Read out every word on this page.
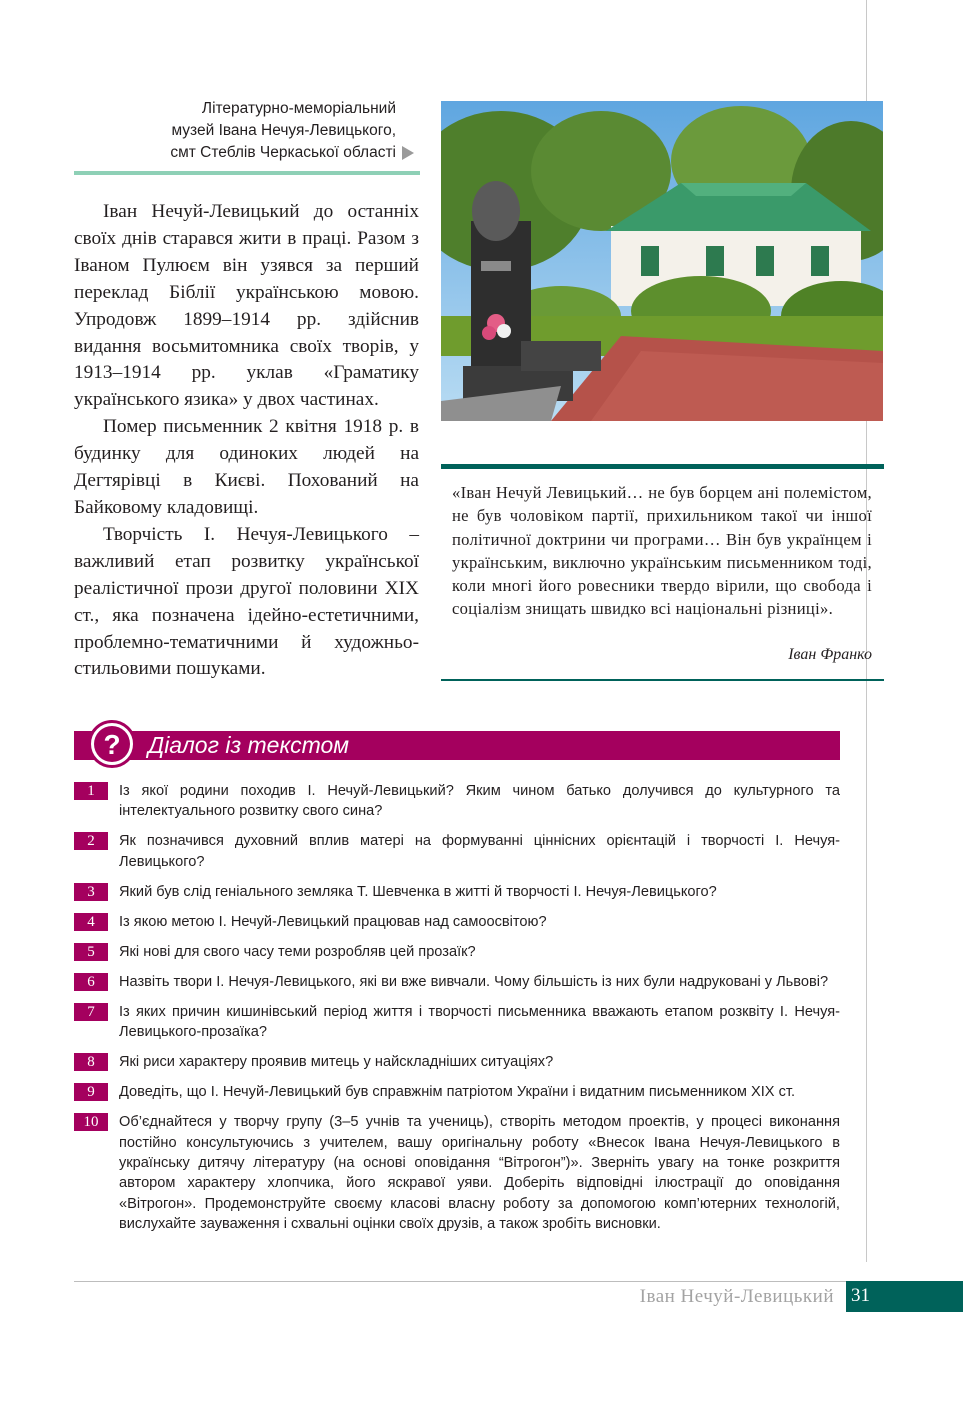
Літературно-меморіальний
музей Івана Нечуя-Левицького,
смт Стеблів Черкаської області

Іван Нечуй-Левицький до останніх своїх днів старався жити в праці. Разом з Іваном Пулюєм він узявся за перший переклад Біблії українською мовою. Упродовж 1899–1914 рр. здійснив видання восьмитомника своїх творів, у 1913–1914 рр. уклав «Граматику українського язика» у двох частинах.

Помер письменник 2 квітня 1918 р. в будинку для одиноких людей на Дегтярівці в Києві. Похований на Байковому кладовищі.

Творчість І. Нечуя-Левицького – важливий етап розвитку української реалістичної прози другої половини XIX ст., яка позначена ідейно-естетичними, проблемно-тематичними й художньо-стильовими пошуками.

«Іван Нечуй Левицький… не був борцем ані полемістом, не був чоловіком партії, прихильником такої чи іншої політичної доктрини чи програми… Він був українцем і українським, виключно українським письменником тоді, коли многі його ровесники твердо вірили, що свобода і соціалізм знищать швидко всі національні різниці».
Іван Франко
?	Діалог із текстом
1	Із якої родини походив І. Нечуй-Левицький? Яким чином батько долучився до культурного та інтелектуального розвитку свого сина?
2	Як позначився духовний вплив матері на формуванні ціннісних орієнтацій і творчості І. Нечуя-Левицького?
3	Який був слід геніального земляка Т. Шевченка в житті й творчості І. Нечуя-Левицького?
4	Із якою метою І. Нечуй-Левицький працював над самоосвітою?
5	Які нові для свого часу теми розробляв цей прозаїк?
6	Назвіть твори І. Нечуя-Левицького, які ви вже вивчали. Чому більшість із них були надруковані у Львові?
7	Із яких причин кишинівський період життя і творчості письменника вважають етапом розквіту І. Нечуя-Левицького-прозаїка?
8	Які риси характеру проявив митець у найскладніших ситуаціях?
9	Доведіть, що І. Нечуй-Левицький був справжнім патріотом України і видатним письменником XIX ст.
10	Об’єднайтеся у творчу групу (3–5 учнів та учениць), створіть методом проектів, у процесі виконання постійно консультуючись з учителем, вашу оригінальну роботу «Внесок Івана Нечуя-Левицького в українську дитячу літературу (на основі оповідання “Вітрогон”)». Зверніть увагу на тонке розкриття автором характеру хлопчика, його яскравої уяви. Доберіть відповідні ілюстрації до оповідання «Вітрогон». Продемонструйте своєму класові власну роботу за допомогою комп’ютерних технологій, вислухайте зауваження і схвальні оцінки своїх друзів, а також зробіть висновки.
Іван Нечуй-Левицький 31
